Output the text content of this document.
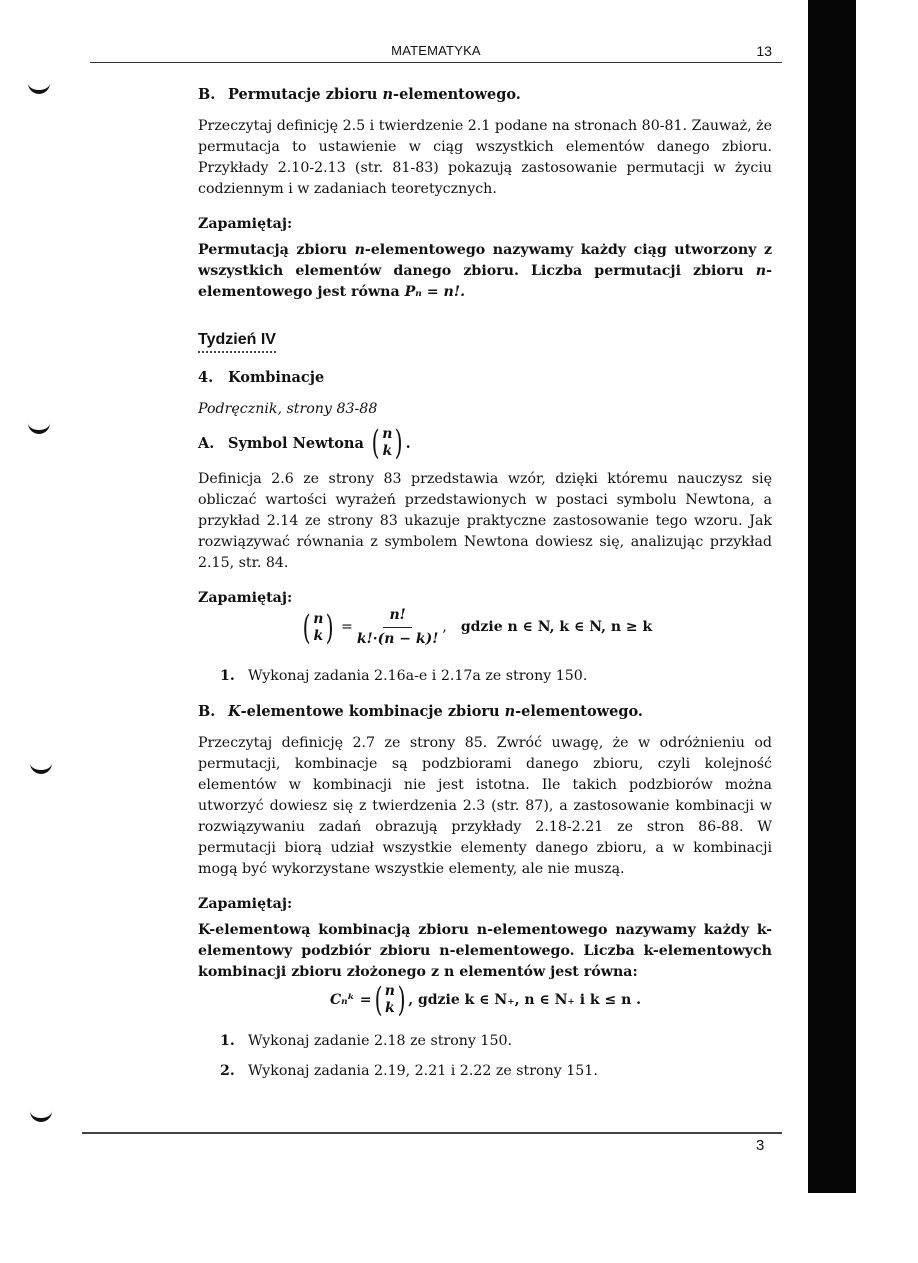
MATEMATYKA	13
B. Permutacje zbioru n-elementowego.

Przeczytaj definicję 2.5 i twierdzenie 2.1 podane na stronach 80-81. Zauważ, że permutacja to ustawienie w ciąg wszystkich elementów danego zbioru. Przykłady 2.10-2.13 (str. 81-83) pokazują zastosowanie permutacji w życiu codziennym i w zadaniach teoretycznych.

Zapamiętaj:

Permutacją zbioru n-elementowego nazywamy każdy ciąg utworzony z wszystkich elementów danego zbioru. Liczba permutacji zbioru n-elementowego jest równa Pₙ = n!.

Tydzień IV
4. Kombinacje
Podręcznik, strony 83-88
A. Symbol Newtona
( n
k ) .

Definicja 2.6 ze strony 83 przedstawia wzór, dzięki któremu nauczysz się obliczać wartości wyrażeń przedstawionych w postaci symbolu Newtona, a przykład 2.14 ze strony 83 ukazuje praktyczne zastosowanie tego wzoru. Jak rozwiązywać równania z symbolem Newtona dowiesz się, analizując przykład 2.15, str. 84.

Zapamiętaj:
( n
k ) = $\frac{n!}{k!\cdot(n - k)!}$ , gdzie n ∈ N, k ∈ N, n ≥ k
1. Wykonaj zadania 2.16a-e i 2.17a ze strony 150.
B. K-elementowe kombinacje zbioru n-elementowego.

Przeczytaj definicję 2.7 ze strony 85. Zwróć uwagę, że w odróżnieniu od permutacji, kombinacje są podzbiorami danego zbioru, czyli kolejność elementów w kombinacji nie jest istotna. Ile takich podzbiorów można utworzyć dowiesz się z twierdzenia 2.3 (str. 87), a zastosowanie kombinacji w rozwiązywaniu zadań obrazują przykłady 2.18-2.21 ze stron 86-88. W permutacji biorą udział wszystkie elementy danego zbioru, a w kombinacji mogą być wykorzystane wszystkie elementy, ale nie muszą.

Zapamiętaj:

K-elementową kombinacją zbioru n-elementowego nazywamy każdy k-elementowy podzbiór zbioru n-elementowego. Liczba k-elementowych kombinacji zbioru złożonego z n elementów jest równa:

Cₙᵏ = ( n
k ) , gdzie k ∈ N₊, n ∈ N₊ i k ≤ n .
1. Wykonaj zadanie 2.18 ze strony 150.
2. Wykonaj zadania 2.19, 2.21 i 2.22 ze strony 151.
3
